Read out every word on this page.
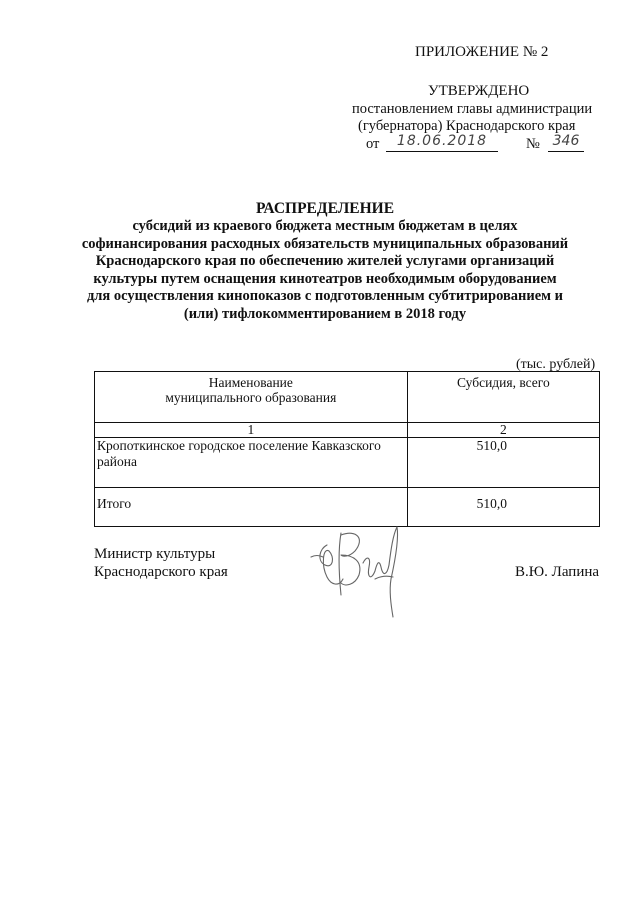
ПРИЛОЖЕНИЕ № 2
УТВЕРЖДЕНО
постановлением главы администрации
(губернатора) Краснодарского края
от	18.06.2018	№ 346
РАСПРЕДЕЛЕНИЕ
субсидий из краевого бюджета местным бюджетам в целях
софинансирования расходных обязательств муниципальных образований
Краснодарского края по обеспечению жителей услугами организаций
культуры путем оснащения кинотеатров необходимым оборудованием
для осуществления кинопоказов с подготовленным субтитрированием и
(или) тифлокомментированием в 2018 году
(тыс. рублей)
Наименование
муниципального образования	Субсидия, всего

1	2

Кропоткинское городское поселение Кавказского
района	510,0
Итого	510,0
Министр культуры
Краснодарского края	В.Ю. Лапина
